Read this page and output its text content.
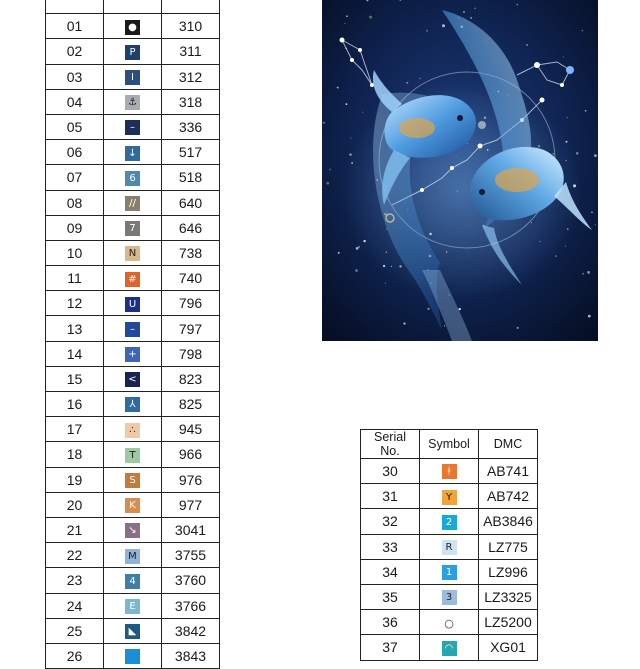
01	●	310
02	P	311
03	I	312
04	⚓	318
05	–	336
06	↓	517
07	6	518
08	//	640
09	7	646
10	N	738
11	#	740
12	U	796
13	–	797
14	+	798
15	<	823
16	⅄	825
17	∴	945
18	T	966
19	S	976
20	K	977
21	↘	3041
22	M	3755
23	4	3760
24	E	3766
25	◣	3842
26		3843
Serial No.	Symbol	DMC
30	ᚼ	AB741
31	Y	AB742
32	2	AB3846
33	R	LZ775
34	1	LZ996
35	3	LZ3325
36	○	LZ5200
37	◠	XG01
